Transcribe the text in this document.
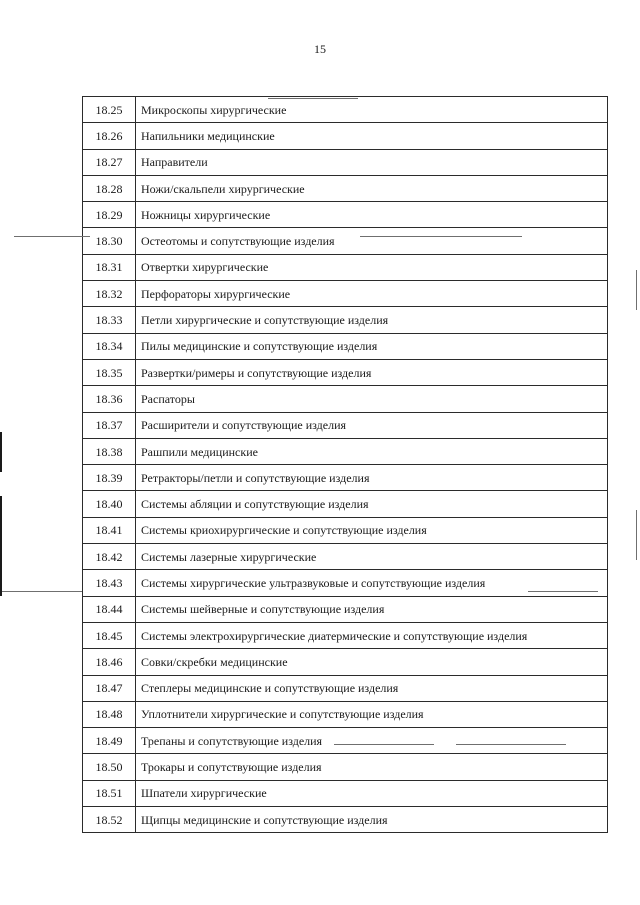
15
18.25	Микроскопы хирургические
18.26	Напильники медицинские
18.27	Направители
18.28	Ножи/скальпели хирургические
18.29	Ножницы хирургические
18.30	Остеотомы и сопутствующие изделия
18.31	Отвертки хирургические
18.32	Перфораторы хирургические
18.33	Петли хирургические и сопутствующие изделия
18.34	Пилы медицинские и сопутствующие изделия
18.35	Развертки/римеры и сопутствующие изделия
18.36	Распаторы
18.37	Расширители и сопутствующие изделия
18.38	Рашпили медицинские
18.39	Ретракторы/петли и сопутствующие изделия
18.40	Системы абляции и сопутствующие изделия
18.41	Системы криохирургические и сопутствующие изделия
18.42	Системы лазерные хирургические
18.43	Системы хирургические ультразвуковые и сопутствующие изделия
18.44	Системы шейверные и сопутствующие изделия
18.45	Системы электрохирургические диатермические и сопутствующие изделия
18.46	Совки/скребки медицинские
18.47	Степлеры медицинские и сопутствующие изделия
18.48	Уплотнители хирургические и сопутствующие изделия
18.49	Трепаны и сопутствующие изделия
18.50	Трокары и сопутствующие изделия
18.51	Шпатели хирургические
18.52	Щипцы медицинские и сопутствующие изделия
